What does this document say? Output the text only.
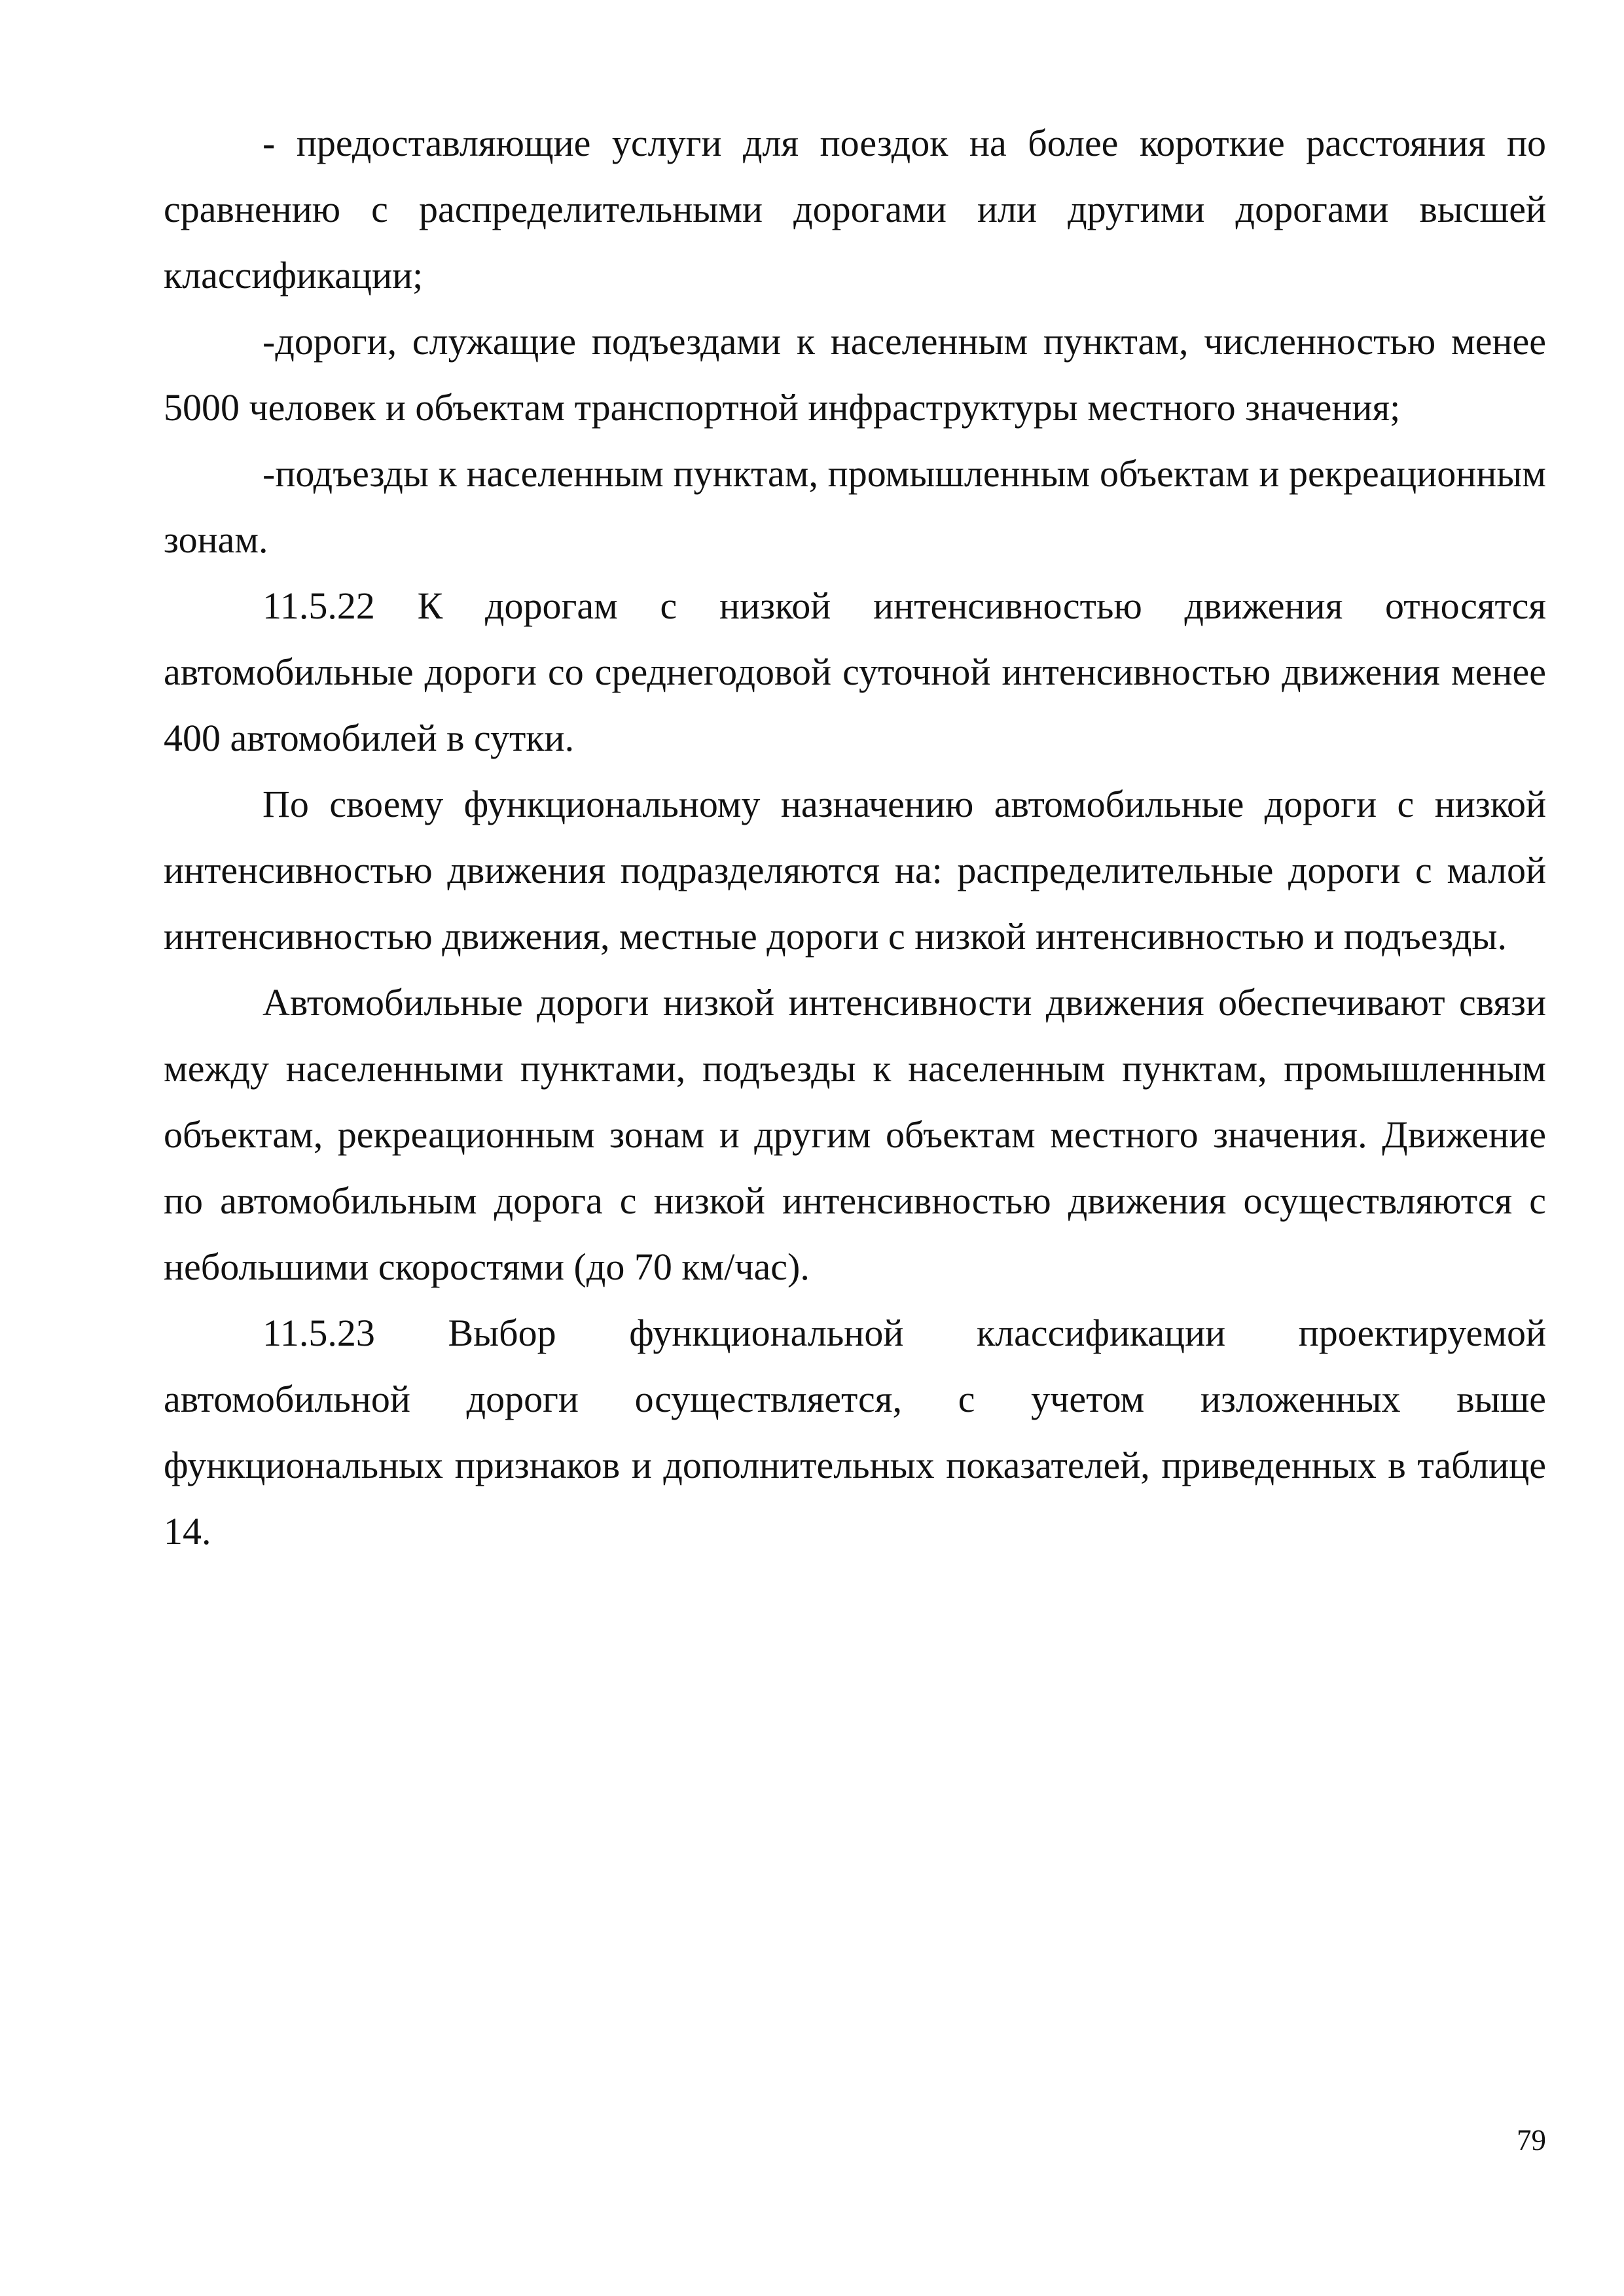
- предоставляющие услуги для поездок на более короткие расстояния по сравнению с распределительными дорогами или другими дорогами высшей классификации;

-дороги, служащие подъездами к населенным пунктам, численностью менее 5000 человек и объектам транспортной инфраструктуры местного значения;

-подъезды к населенным пунктам, промышленным объектам и рекреационным зонам.

11.5.22 К дорогам с низкой интенсивностью движения относятся автомобильные дороги со среднегодовой суточной интенсивностью движения менее 400 автомобилей в сутки.

По своему функциональному назначению автомобильные дороги с низкой интенсивностью движения подразделяются на: распределительные дороги с малой интенсивностью движения, местные дороги с низкой интенсивностью и подъезды.

Автомобильные дороги низкой интенсивности движения обеспечивают связи между населенными пунктами, подъезды к населенным пунктам, промышленным объектам, рекреационным зонам и другим объектам местного значения. Движение по автомобильным дорога с низкой интенсивностью движения осуществляются с небольшими скоростями (до 70 км/час).

11.5.23 Выбор функциональной классификации проектируемой автомобильной дороги осуществляется, с учетом изложенных выше функциональных признаков и дополнительных показателей, приведенных в таблице 14.

79
